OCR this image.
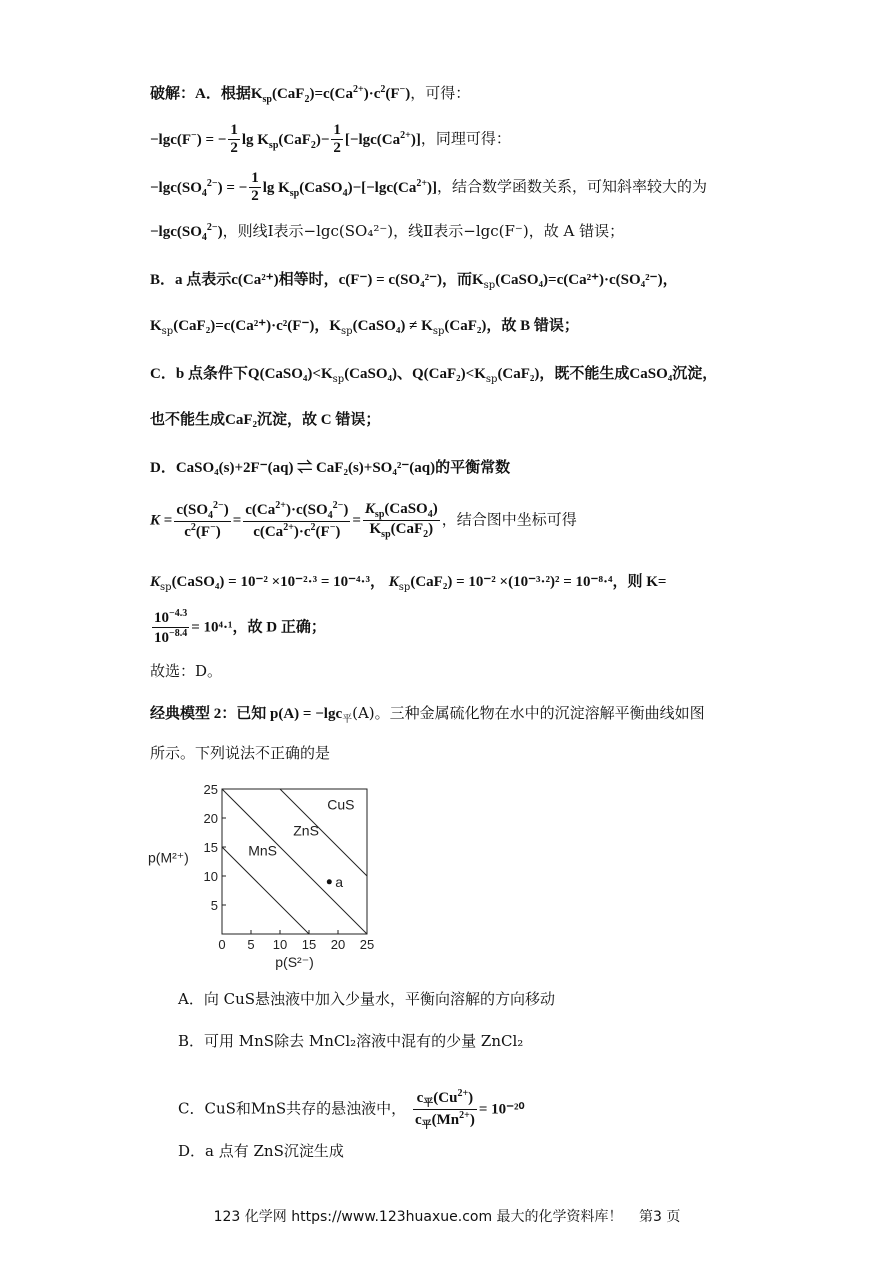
破解：A．根据$K_{sp}(CaF_2)=c(Ca^{2+})\cdot c^2(F^-)$，可得：
−lgc(F−) = − $\frac{1}{2}$ $\lg K_{sp}(CaF_2)- \frac{1}{2} [-\lg c(Ca^{2+})]$，同理可得：
$-\lg c(SO_4^{2-})$ = − $\frac{1}{2}$ $\lg K_{sp}(CaSO_4)-[-\lg c(Ca^{2+})]$，结合数学函数关系，可知斜率较大的为
$-\lg c(SO_4^{2-})$，则线Ⅰ表示−lgc(SO₄²⁻)，线Ⅱ表示−lgc(F⁻)，故 A 错误；
B．a 点表示c(Ca²⁺)相等时，c(F⁻) = c(SO₄²⁻)，而$K_{sp}(CaSO_4)=c(Ca^{2+})\cdot c(SO_4^{2-})$，
$K_{sp}(CaF_2)=c(Ca^{2+})\cdot c^2(F^-)$，$K_{sp}(CaSO_4) \ne K_{sp}(CaF_2)$，故 B 错误；
C．b 点条件下$Q(CaSO_4)<K_{sp}(CaSO_4)$、$Q(CaF_2)<K_{sp}(CaF_2)$，既不能生成CaSO₄沉淀，
也不能生成CaF₂沉淀，故 C 错误；
D．CaSO₄(s)+2F⁻(aq) ⇌ CaF₂(s)+SO₄²⁻(aq)的平衡常数
$K = \frac{c(SO_4^{2-})}{c^2(F^-)} = \frac{c(Ca^{2+})\cdot c(SO_4^{2-})}{c(Ca^{2+})\cdot c^2(F^-)} = \frac{K_{sp}(CaSO_4)}{K_{sp}(CaF_2)}$ ，结合图中坐标可得
$K_{sp}(CaSO_4) = 10^{-2} \times 10^{-2}\cdot^3 = 10^{-4}\cdot^3$， $K_{sp}(CaF_2) = 10^{-2} \times(10^{-3}\cdot^2)^2 = 10^{-8}\cdot^4$，则 K=
$\frac{10^{-4.3}}{10^{-8.4}} = 10^4\cdot^1$，故 D 正确；
故选：D。
经典模型 2：已知 p(A) = −lgc$_平$(A)。三种金属硫化物在水中的沉淀溶解平衡曲线如图
所示。下列说法不正确的是
0 5 10 15 20 25
5
10
15
20
25
p(S²⁻)
p(M²⁺)	MnS
ZnS
CuS
a
A．向 CuS悬浊液中加入少量水，平衡向溶解的方向移动
B．可用 MnS除去 MnCl₂溶液中混有的少量 ZnCl₂
C．CuS和MnS共存的悬浊液中， $\frac{c_平(Cu^{2+})}{c_平(Mn^{2+})} = 10^{-20}$
D．a 点有 ZnS沉淀生成
123 化学网 https://www.123huaxue.com 最大的化学资料库！ 第3 页
